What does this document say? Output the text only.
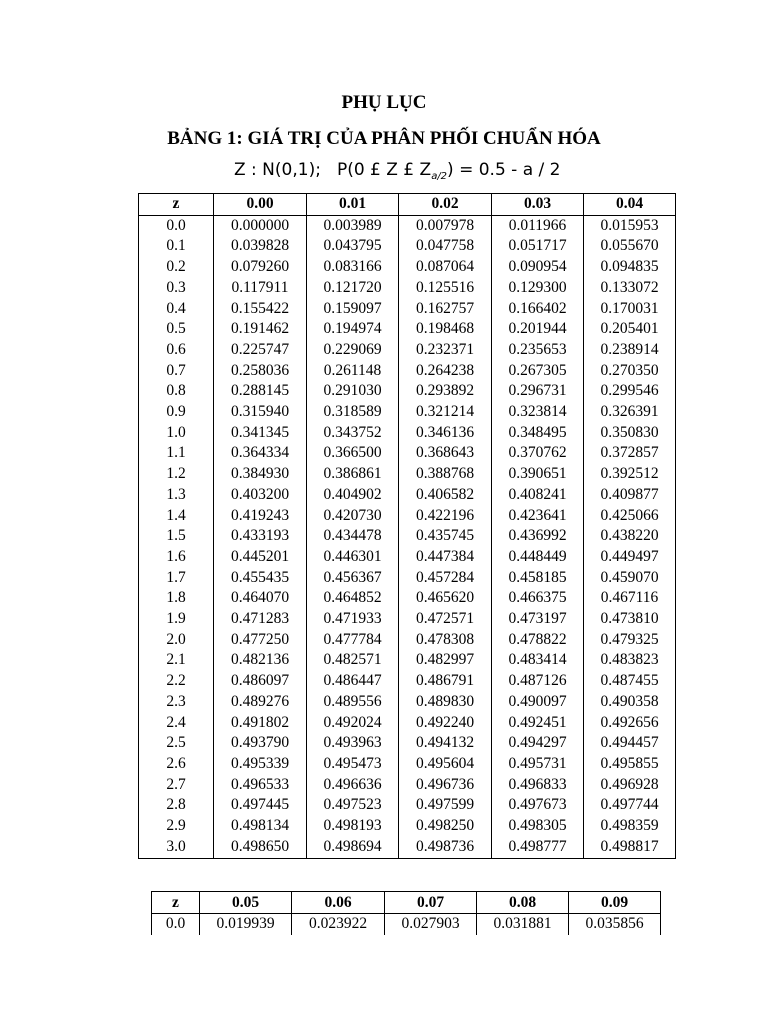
PHỤ LỤC
BẢNG 1: GIÁ TRỊ CỦA PHÂN PHỐI CHUẨN HÓA
Z : N(0,1); P(0 £ Z £ $Z_{a/2}) = 0.5 - a / 2$
z	0.00	0.01	0.02	0.03	0.04
0.0	0.000000	0.003989	0.007978	0.011966	0.015953
0.1	0.039828	0.043795	0.047758	0.051717	0.055670
0.2	0.079260	0.083166	0.087064	0.090954	0.094835
0.3	0.117911	0.121720	0.125516	0.129300	0.133072
0.4	0.155422	0.159097	0.162757	0.166402	0.170031
0.5	0.191462	0.194974	0.198468	0.201944	0.205401
0.6	0.225747	0.229069	0.232371	0.235653	0.238914
0.7	0.258036	0.261148	0.264238	0.267305	0.270350
0.8	0.288145	0.291030	0.293892	0.296731	0.299546
0.9	0.315940	0.318589	0.321214	0.323814	0.326391
1.0	0.341345	0.343752	0.346136	0.348495	0.350830
1.1	0.364334	0.366500	0.368643	0.370762	0.372857
1.2	0.384930	0.386861	0.388768	0.390651	0.392512
1.3	0.403200	0.404902	0.406582	0.408241	0.409877
1.4	0.419243	0.420730	0.422196	0.423641	0.425066
1.5	0.433193	0.434478	0.435745	0.436992	0.438220
1.6	0.445201	0.446301	0.447384	0.448449	0.449497
1.7	0.455435	0.456367	0.457284	0.458185	0.459070
1.8	0.464070	0.464852	0.465620	0.466375	0.467116
1.9	0.471283	0.471933	0.472571	0.473197	0.473810
2.0	0.477250	0.477784	0.478308	0.478822	0.479325
2.1	0.482136	0.482571	0.482997	0.483414	0.483823
2.2	0.486097	0.486447	0.486791	0.487126	0.487455
2.3	0.489276	0.489556	0.489830	0.490097	0.490358
2.4	0.491802	0.492024	0.492240	0.492451	0.492656
2.5	0.493790	0.493963	0.494132	0.494297	0.494457
2.6	0.495339	0.495473	0.495604	0.495731	0.495855
2.7	0.496533	0.496636	0.496736	0.496833	0.496928
2.8	0.497445	0.497523	0.497599	0.497673	0.497744
2.9	0.498134	0.498193	0.498250	0.498305	0.498359
3.0	0.498650	0.498694	0.498736	0.498777	0.498817
z	0.05	0.06	0.07	0.08	0.09
0.0	0.019939	0.023922	0.027903	0.031881	0.035856
